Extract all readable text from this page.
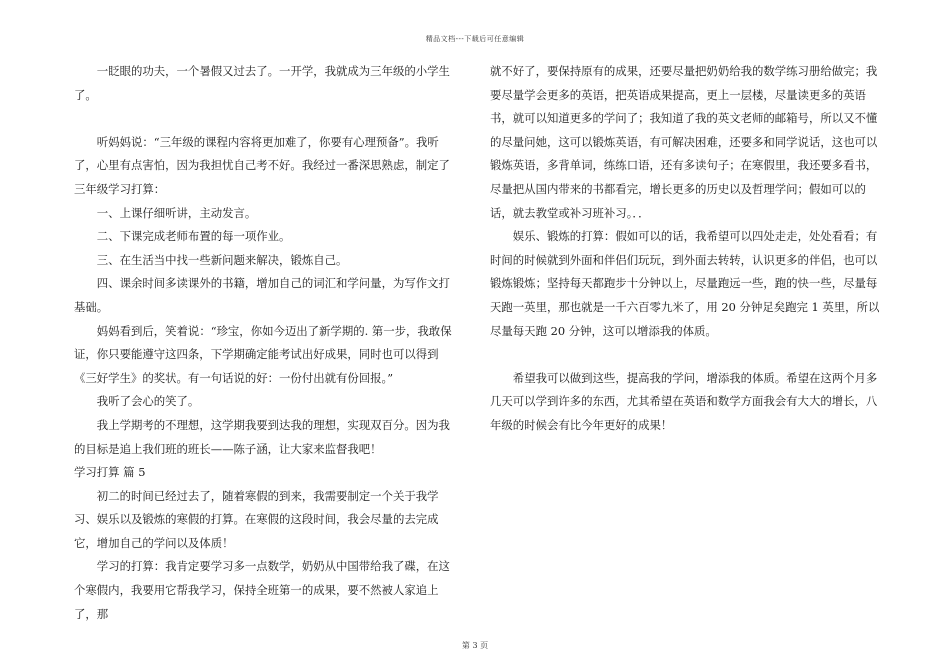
精品文档---下载后可任意编辑

一眨眼的功夫，一个暑假又过去了。一开学，我就成为三年级的小学生了。

听妈妈说：“三年级的课程内容将更加难了，你要有心理预备”。我听了，心里有点害怕，因为我担忧自己考不好。我经过一番深思熟虑，制定了三年级学习打算：

一、上课仔细听讲，主动发言。

二、下课完成老师布置的每一项作业。

三、在生活当中找一些新问题来解决，锻炼自己。

四、课余时间多读课外的书籍，增加自己的词汇和学问量，为写作文打基础。

妈妈看到后，笑着说：“珍宝，你如今迈出了新学期的. 第一步，我敢保证，你只要能遵守这四条，下学期确定能考试出好成果，同时也可以得到《三好学生》的奖状。有一句话说的好：一份付出就有份回报。”

我听了会心的笑了。

我上学期考的不理想，这学期我要到达我的理想，实现双百分。因为我的目标是追上我们班的班长——陈子涵，让大家来监督我吧！

学习打算 篇 5

初二的时间已经过去了，随着寒假的到来，我需要制定一个关于我学习、娱乐以及锻炼的寒假的打算。在寒假的这段时间，我会尽量的去完成它，增加自己的学问以及体质！

学习的打算：我肯定要学习多一点数学，奶奶从中国带给我了碟，在这个寒假内，我要用它帮我学习，保持全班第一的成果，要不然被人家追上了，那

就不好了，要保持原有的成果，还要尽量把奶奶给我的数学练习册给做完；我要尽量学会更多的英语，把英语成果提高，更上一层楼，尽量读更多的英语书，就可以知道更多的学问了；我知道了我的英文老师的邮箱号，所以又不懂的尽量问她，这可以锻炼英语，有可解决困难，还要多和同学说话，这也可以锻炼英语，多背单词，练练口语，还有多读句子；在寒假里，我还要多看书，尽量把从国内带来的书都看完，增长更多的历史以及哲理学问；假如可以的话，就去教堂或补习班补习。．．

娱乐、锻炼的打算：假如可以的话，我希望可以四处走走，处处看看；有时间的时候就到外面和伴侣们玩玩，到外面去转转，认识更多的伴侣，也可以锻炼锻炼；坚持每天都跑步十分钟以上，尽量跑远一些，跑的快一些，尽量每天跑一英里，那也就是一千六百零九米了，用 20 分钟足矣跑完 1 英里，所以尽量每天跑 20 分钟，这可以增添我的体质。

希望我可以做到这些，提高我的学问，增添我的体质。希望在这两个月多几天可以学到许多的东西，尤其希望在英语和数学方面我会有大大的增长，八年级的时候会有比今年更好的成果！

第 3 页
